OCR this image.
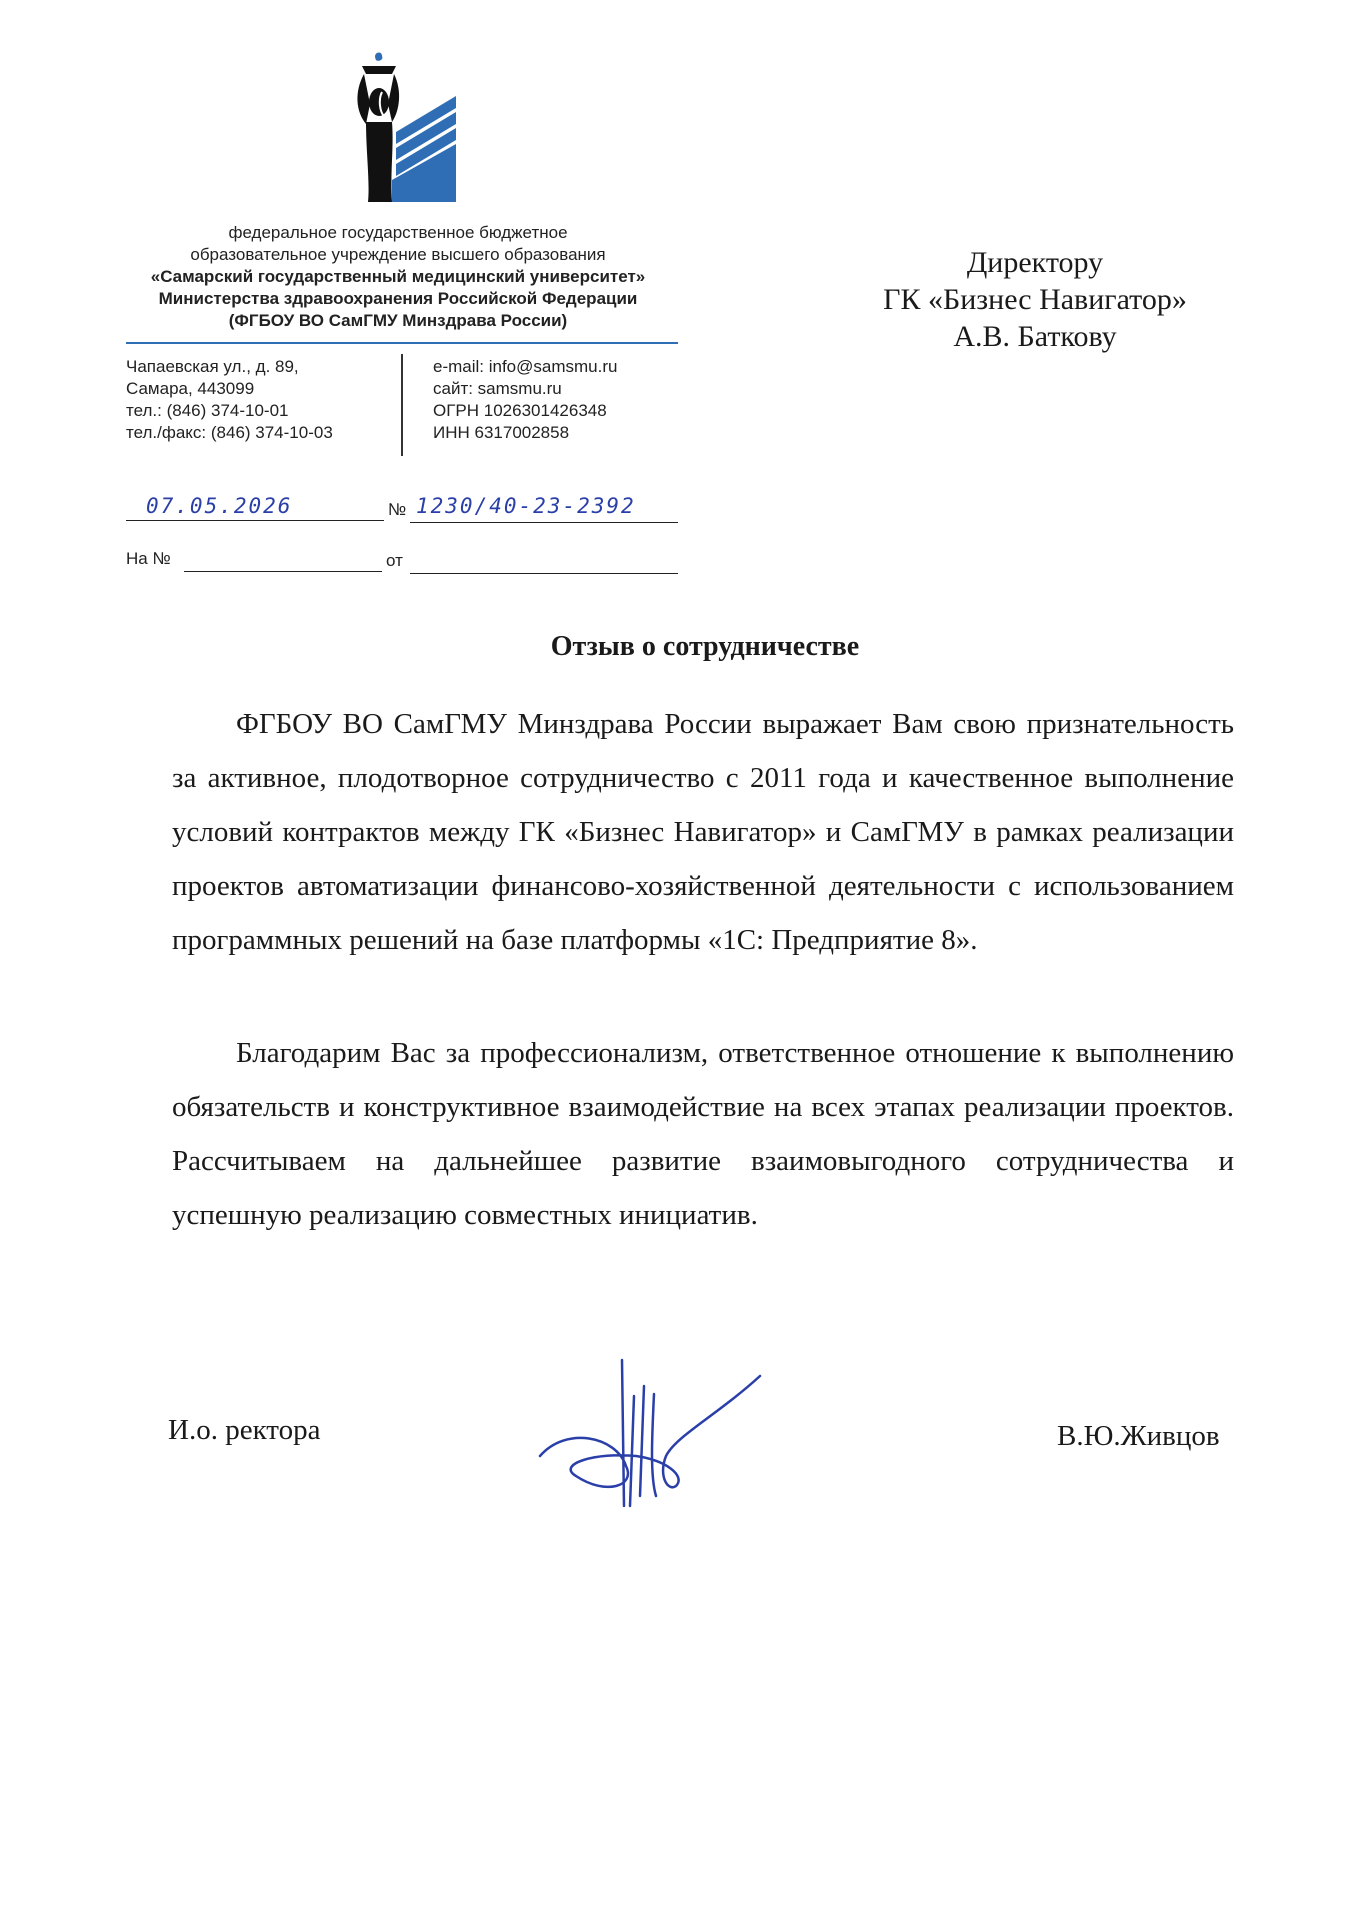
федеральное государственное бюджетное
образовательное учреждение высшего образования
«Самарский государственный медицинский университет»
Министерства здравоохранения Российской Федерации
(ФГБОУ ВО СамГМУ Минздрава России)
Чапаевская ул., д. 89,
Самара, 443099
тел.: (846) 374-10-01
тел./факс: (846) 374-10-03
e-mail: info@samsmu.ru
сайт: samsmu.ru
ОГРН 1026301426348
ИНН 6317002858
07.05.2026	№ 1230/40-23-2392
На №	от
Директору
ГК «Бизнес Навигатор»
А.В. Баткову
Отзыв о сотрудничестве

ФГБОУ ВО СамГМУ Минздрава России выражает Вам свою признательность за активное, плодотворное сотрудничество с 2011 года и качественное выполнение условий контрактов между ГК «Бизнес Навигатор» и СамГМУ в рамках реализации проектов автоматизации финансово-хозяйственной деятельности с использованием программных решений на базе платформы «1С: Предприятие 8».

Благодарим Вас за профессионализм, ответственное отношение к выполнению обязательств и конструктивное взаимодействие на всех этапах реализации проектов. Рассчитываем на дальнейшее развитие взаимовыгодного сотрудничества и успешную реализацию совместных инициатив.

И.о. ректора	В.Ю.Живцов
